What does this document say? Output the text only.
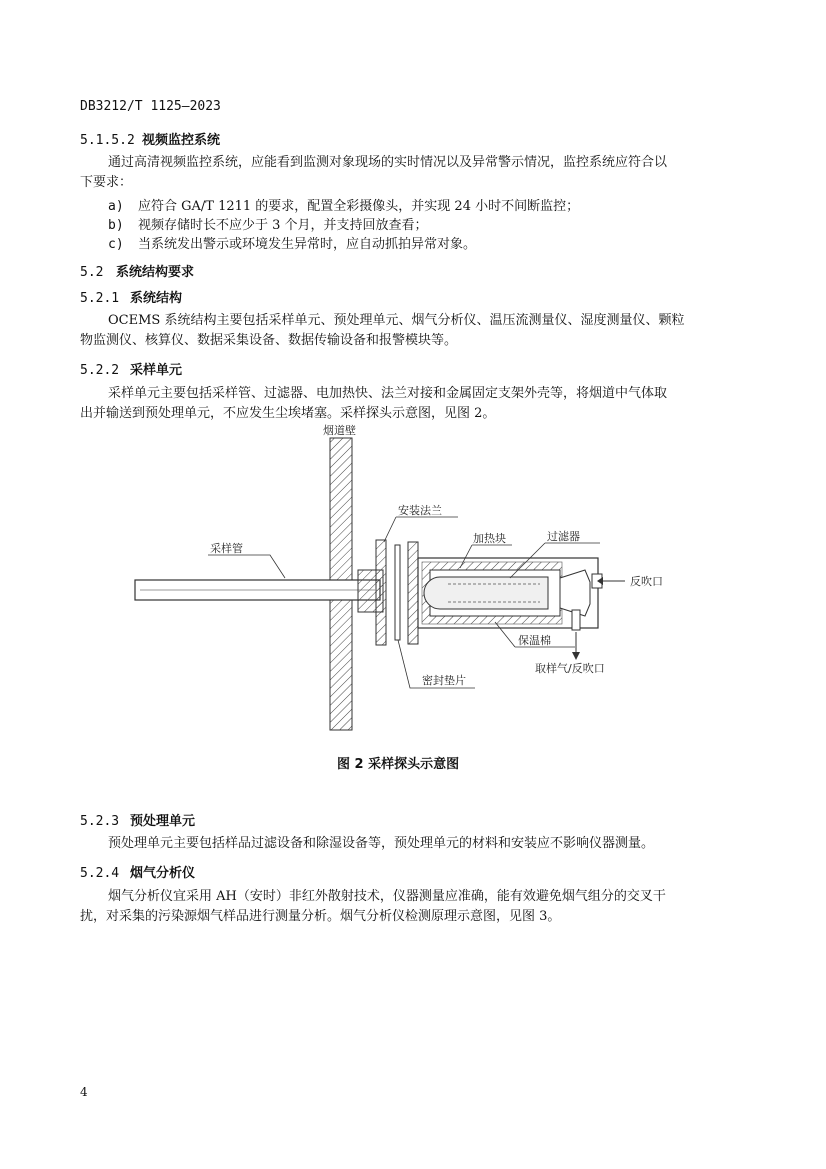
DB3212/T 1125—2023
5.1.5.2 视频监控系统
通过高清视频监控系统，应能看到监测对象现场的实时情况以及异常警示情况，监控系统应符合以
下要求：
a) 应符合 GA/T 1211 的要求，配置全彩摄像头，并实现 24 小时不间断监控；
b) 视频存储时长不应少于 3 个月，并支持回放查看；
c) 当系统发出警示或环境发生异常时，应自动抓拍异常对象。
5.2 系统结构要求
5.2.1 系统结构
OCEMS 系统结构主要包括采样单元、预处理单元、烟气分析仪、温压流测量仪、湿度测量仪、颗粒
物监测仪、核算仪、数据采集设备、数据传输设备和报警模块等。
5.2.2 采样单元
采样单元主要包括采样管、过滤器、电加热快、法兰对接和金属固定支架外壳等，将烟道中气体取
出并输送到预处理单元，不应发生尘埃堵塞。采样探头示意图，见图 2。
烟道壁
采样管
安装法兰
密封垫片
加热块	过滤器
反吹口
取样气/反吹口
保温棉
图 2 采样探头示意图
5.2.3 预处理单元
预处理单元主要包括样品过滤设备和除湿设备等，预处理单元的材料和安装应不影响仪器测量。
5.2.4 烟气分析仪
烟气分析仪宜采用 AH（安时）非红外散射技术，仪器测量应准确，能有效避免烟气组分的交叉干
扰，对采集的污染源烟气样品进行测量分析。烟气分析仪检测原理示意图，见图 3。
4
